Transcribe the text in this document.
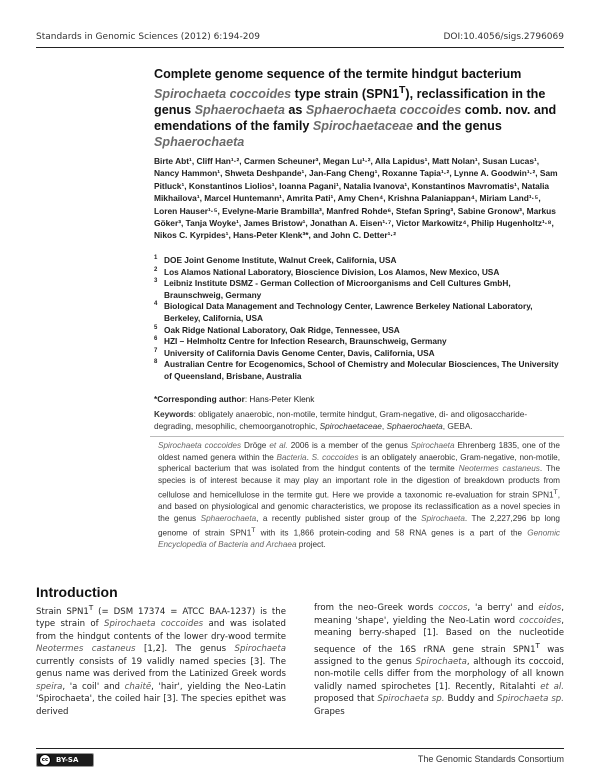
Standards in Genomic Sciences (2012) 6:194-209	DOI:10.4056/sigs.2796069
Complete genome sequence of the termite hindgut bacterium
Spirochaeta coccoides type strain $(SPN1^T)$, reclassification in the genus Sphaerochaeta as Sphaerochaeta coccoides comb. nov. and emendations of the family Spirochaetaceae and the genus
Sphaerochaeta
Birte Abt¹, Cliff Han¹·², Carmen Scheuner³, Megan Lu¹·², Alla Lapidus¹, Matt Nolan¹, Susan Lucas¹, Nancy Hammon¹, Shweta Deshpande¹, Jan-Fang Cheng¹, Roxanne Tapia¹·², Lynne A. Goodwin¹·², Sam Pitluck¹, Konstantinos Liolios¹, Ioanna Pagani¹, Natalia Ivanova¹, Konstantinos Mavromatis¹, Natalia Mikhailova¹, Marcel Huntemann¹, Amrita Pati¹, Amy Chen⁴, Krishna Palaniappan⁴, Miriam Land¹·⁵, Loren Hauser¹·⁵, Evelyne-Marie Brambilla³, Manfred Rohde⁶, Stefan Spring³, Sabine Gronow³, Markus Göker³, Tanja Woyke¹, James Bristow¹, Jonathan A. Eisen¹·⁷, Victor Markowitz⁴, Philip Hugenholtz¹·⁸, Nikos C. Kyrpides¹, Hans-Peter Klenk³*, and John C. Detter¹·²
1 DOE Joint Genome Institute, Walnut Creek, California, USA
2 Los Alamos National Laboratory, Bioscience Division, Los Alamos, New Mexico, USA
3 Leibniz Institute DSMZ - German Collection of Microorganisms and Cell Cultures GmbH, Braunschweig, Germany
4 Biological Data Management and Technology Center, Lawrence Berkeley National Laboratory, Berkeley, California, USA
5 Oak Ridge National Laboratory, Oak Ridge, Tennessee, USA
6 HZI – Helmholtz Centre for Infection Research, Braunschweig, Germany
7 University of California Davis Genome Center, Davis, California, USA
8 Australian Centre for Ecogenomics, School of Chemistry and Molecular Biosciences, The University of Queensland, Brisbane, Australia
*Corresponding author: Hans-Peter Klenk
Keywords: obligately anaerobic, non-motile, termite hindgut, Gram-negative, di- and oligosaccharide-degrading, mesophilic, chemoorganotrophic, Spirochaetaceae, Sphaerochaeta, GEBA.
Spirochaeta coccoides Dröge et al. 2006 is a member of the genus Spirochaeta Ehrenberg 1835, one of the oldest named genera within the Bacteria. S. coccoides is an obligately anaerobic, Gram-negative, non-motile, spherical bacterium that was isolated from the hindgut contents of the termite Neotermes castaneus. The species is of interest because it may play an important role in the digestion of breakdown products from cellulose and hemicellulose in the termite gut. Here we provide a taxonomic re-evaluation for strain $SPN1^T$, and based on physiological and genomic characteristics, we propose its reclassification as a novel species in the genus Sphaerochaeta, a recently published sister group of the Spirochaeta. The 2,227,296 bp long genome of strain $SPN1^T$ with its 1,866 protein-coding and 58 RNA genes is a part of the Genomic Encyclopedia of Bacteria and Archaea project.
Introduction
Strain $SPN1^T$ (= DSM 17374 = ATCC BAA-1237) is the type strain of Spirochaeta coccoides and was isolated from the hindgut contents of the lower dry-wood termite Neotermes castaneus [1,2]. The genus Spirochaeta currently consists of 19 validly named species [3]. The genus name was derived from the Latinized Greek words speira, 'a coil' and chaitē, 'hair', yielding the Neo-Latin 'Spirochaeta', the coiled hair [3]. The species epithet was derived
from the neo-Greek words coccos, 'a berry' and eidos, meaning 'shape', yielding the Neo-Latin word coccoides, meaning berry-shaped [1]. Based on the nucleotide sequence of the 16S rRNA gene strain $SPN1^T$ was assigned to the genus Spirochaeta, although its coccoid, non-motile cells differ from the morphology of all known validly named spirochetes [1]. Recently, Ritalahti et al. proposed that Spirochaeta sp. Buddy and Spirochaeta sp. Grapes
cc	BY-SA	The Genomic Standards Consortium
